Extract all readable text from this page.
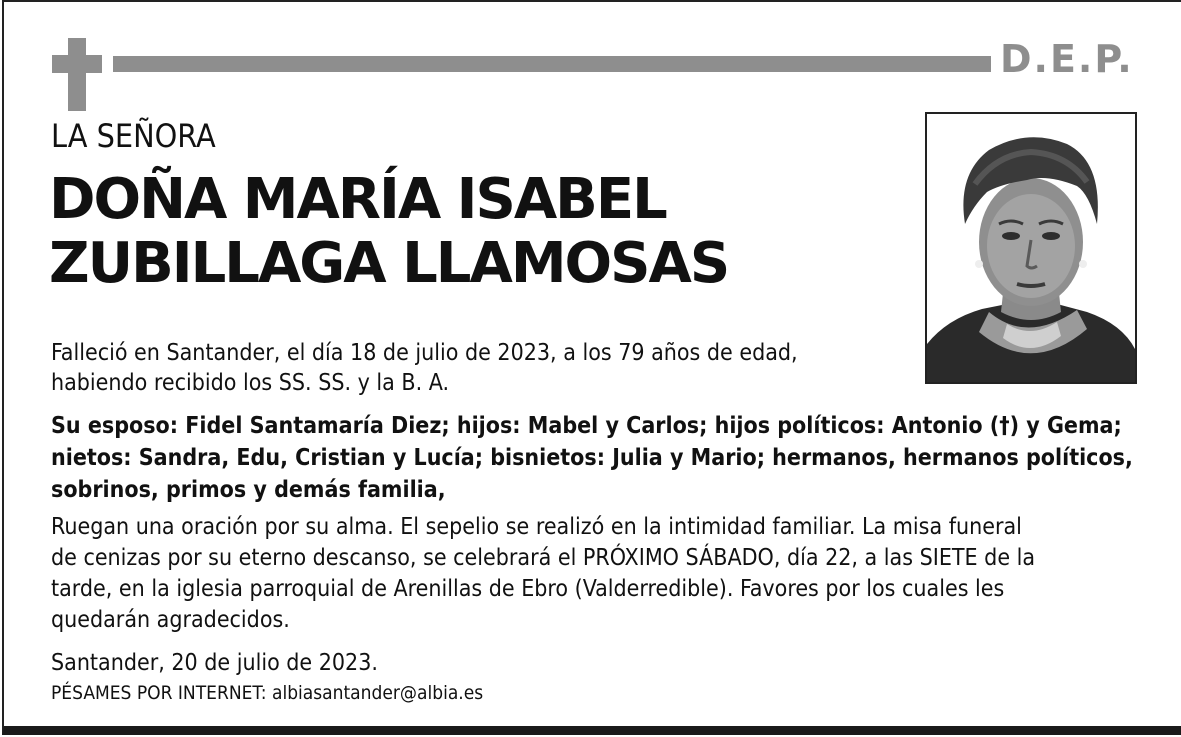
D.E.P.
LA SEÑORA
DOÑA MARÍA ISABEL
ZUBILLAGA LLAMOSAS
Falleció en Santander, el día 18 de julio de 2023, a los 79 años de edad,
habiendo recibido los SS. SS. y la B. A.
Su esposo: Fidel Santamaría Diez; hijos: Mabel y Carlos; hijos políticos: Antonio (†) y Gema;
nietos: Sandra, Edu, Cristian y Lucía; bisnietos: Julia y Mario; hermanos, hermanos políticos,
sobrinos, primos y demás familia,
Ruegan una oración por su alma. El sepelio se realizó en la intimidad familiar. La misa funeral
de cenizas por su eterno descanso, se celebrará el PRÓXIMO SÁBADO, día 22, a las SIETE de la
tarde, en la iglesia parroquial de Arenillas de Ebro (Valderredible). Favores por los cuales les
quedarán agradecidos.
Santander, 20 de julio de 2023.
PÉSAMES POR INTERNET: albiasantander@albia.es
